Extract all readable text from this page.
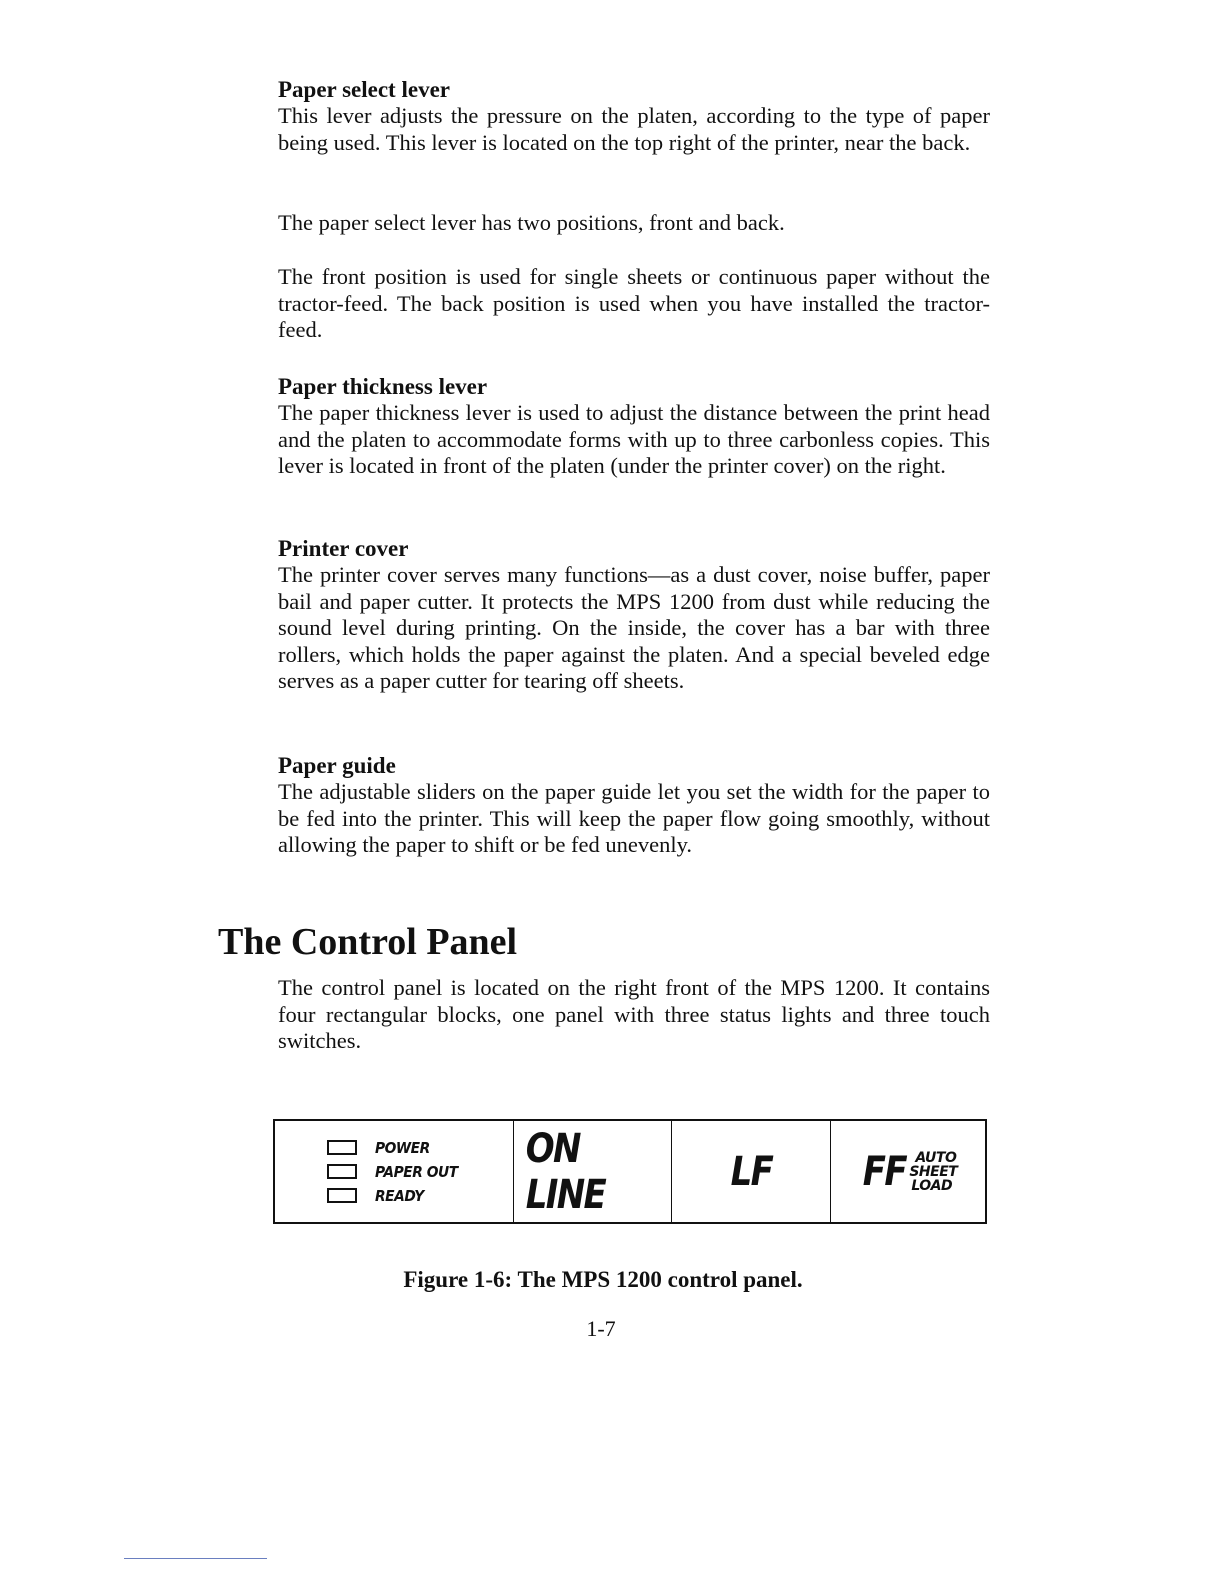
Paper select lever

This lever adjusts the pressure on the platen, according to the type of paper being used. This lever is located on the top right of the printer, near the back.

The paper select lever has two positions, front and back.

The front position is used for single sheets or continuous paper without the tractor-feed. The back position is used when you have installed the tractor-feed.

Paper thickness lever

The paper thickness lever is used to adjust the distance between the print head and the platen to accommodate forms with up to three carbonless copies. This lever is located in front of the platen (under the printer cover) on the right.

Printer cover

The printer cover serves many functions—as a dust cover, noise buffer, paper bail and paper cutter. It protects the MPS 1200 from dust while reducing the sound level during printing. On the inside, the cover has a bar with three rollers, which holds the paper against the platen. And a special beveled edge serves as a paper cutter for tearing off sheets.

Paper guide

The adjustable sliders on the paper guide let you set the width for the paper to be fed into the printer. This will keep the paper flow going smoothly, without allowing the paper to shift or be fed unevenly.

The control panel is located on the right front of the MPS 1200. It contains four rectangular blocks, one panel with three status lights and three touch switches.

The Control Panel
POWER
PAPER OUT
READY
ON LINE	LF FF AUTO
SHEET
LOAD

Figure 1-6: The MPS 1200 control panel.

1-7
